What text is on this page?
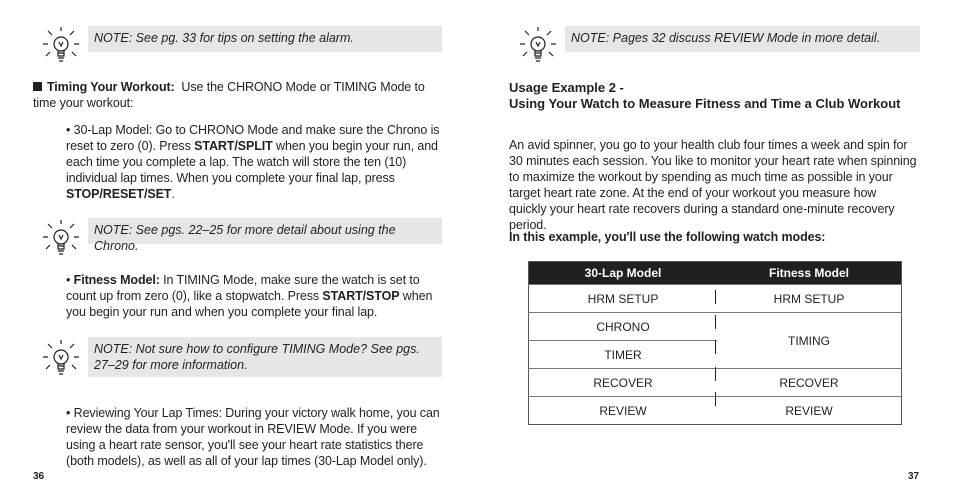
NOTE: See pg. 33 for tips on setting the alarm.
Timing Your Workout: Use the CHRONO Mode or TIMING Mode to time your workout:
• 30-Lap Model: Go to CHRONO Mode and make sure the Chrono is reset to zero (0). Press START/SPLIT when you begin your run, and each time you complete a lap. The watch will store the ten (10) individual lap times. When you complete your final lap, press STOP/RESET/SET.
NOTE: See pgs. 22–25 for more detail about using the Chrono.
• Fitness Model: In TIMING Mode, make sure the watch is set to count up from zero (0), like a stopwatch. Press START/STOP when you begin your run and when you complete your final lap.
NOTE: Not sure how to configure TIMING Mode? See pgs. 27–29 for more information.
• Reviewing Your Lap Times: During your victory walk home, you can review the data from your workout in REVIEW Mode. If you were using a heart rate sensor, you'll see your heart rate statistics there (both models), as well as all of your lap times (30-Lap Model only).
36
NOTE: Pages 32 discuss REVIEW Mode in more detail.
Usage Example 2 -
Using Your Watch to Measure Fitness and Time a Club Workout
An avid spinner, you go to your health club four times a week and spin for 30 minutes each session. You like to monitor your heart rate when spinning to maximize the workout by spending as much time as possible in your target heart rate zone. At the end of your workout you measure how quickly your heart rate recovers during a standard one-minute recovery period.
In this example, you'll use the following watch modes:
30-Lap Model	Fitness Model
HRM SETUP	HRM SETUP
CHRONO	TIMING
TIMER	
RECOVER	RECOVER
REVIEW	REVIEW
37
